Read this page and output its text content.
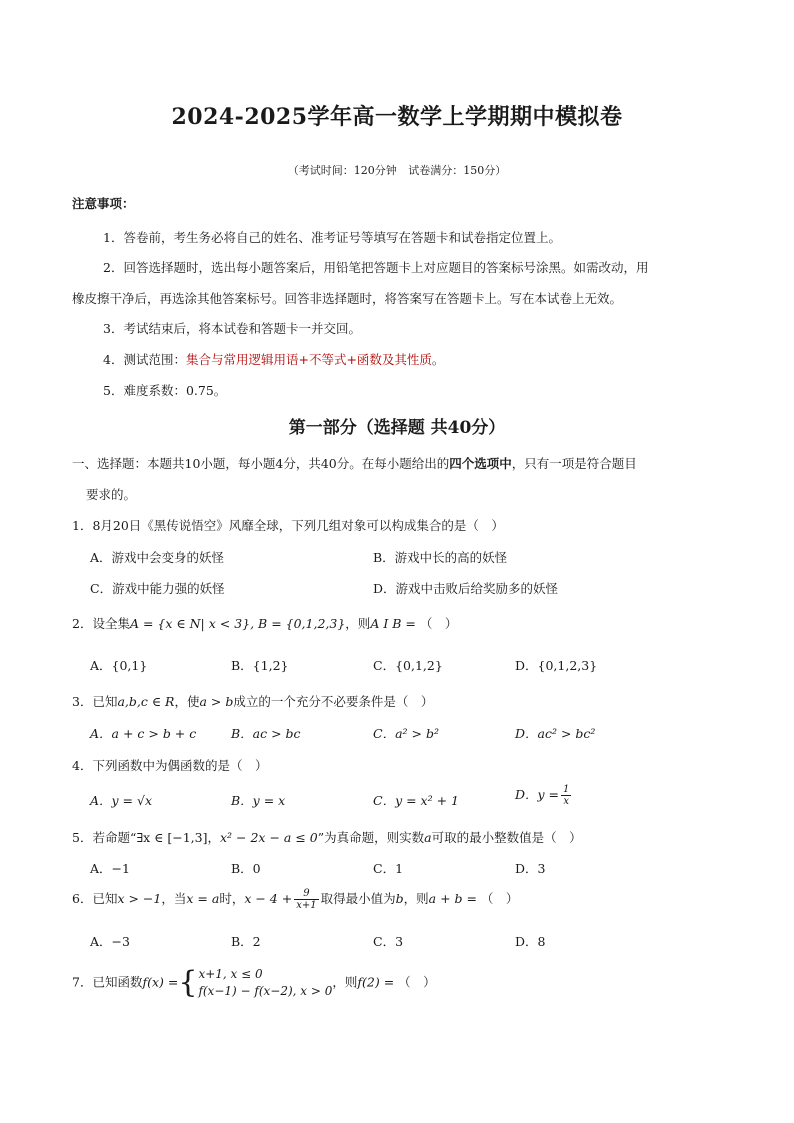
2024-2025学年高一数学上学期期中模拟卷
（考试时间：120分钟 试卷满分：150分）
注意事项：
1．答卷前，考生务必将自己的姓名、准考证号等填写在答题卡和试卷指定位置上。
2．回答选择题时，选出每小题答案后，用铅笔把答题卡上对应题目的答案标号涂黑。如需改动，用
橡皮擦干净后，再选涂其他答案标号。回答非选择题时，将答案写在答题卡上。写在本试卷上无效。
3．考试结束后，将本试卷和答题卡一并交回。
4．测试范围：集合与常用逻辑用语+不等式+函数及其性质。
5．难度系数：0.75。
第一部分（选择题 共40分）
一、选择题：本题共10小题，每小题4分，共40分。在每小题给出的四个选项中，只有一项是符合题目
要求的。
1．8月20日《黑传说悟空》风靡全球，下列几组对象可以构成集合的是（　）
A．游戏中会变身的妖怪	B．游戏中长的高的妖怪
C．游戏中能力强的妖怪	D．游戏中击败后给奖励多的妖怪
2．设全集A = {x ∈ N| x < 3}, B = {0,1,2,3}，则A I B = （　）
A．{0,1}	B．{1,2}	C．{0,1,2}	D．{0,1,2,3}
3．已知a,b,c ∈ R，使a > b成立的一个充分不必要条件是（　）
A．a + c > b + c	B．ac > bc	C．a² > b²	D．ac² > bc²
4．下列函数中为偶函数的是（　）
A．y = √x	B．y = x	C．y = x² + 1	D．$y = \frac{1}{x}$
5．若命题“∃x ∈ [−1,3]，x² − 2x − a ≤ 0”为真命题，则实数a可取的最小整数值是（　）
A．−1	B．0	C．1	D．3
6．已知x > −1，当x = a时，$x - 4 + \frac{9}{x+1}$ 取得最小值为b，则a + b = （　）
A．−3	B．2	C．3	D．8
7．已知函数f(x) ={ x+1, x ≤ 0
f(x−1) − f(x−2), x > 0
，则f(2) = （　）
